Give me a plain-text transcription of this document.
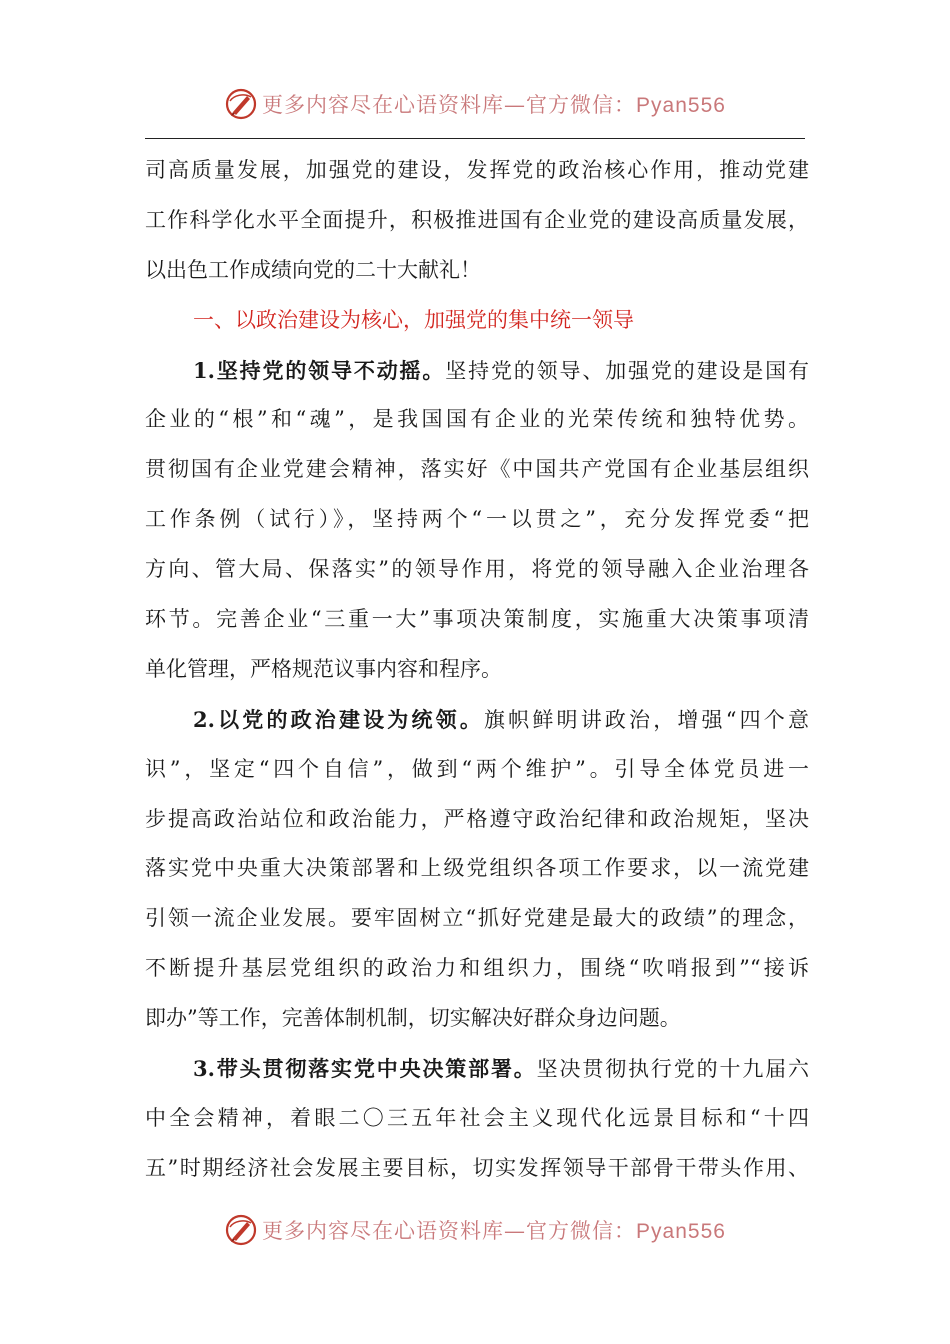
更多内容尽在心语资料库—官方微信：Pyan556
司高质量发展，加强党的建设，发挥党的政治核心作用，推动党建
工作科学化水平全面提升，积极推进国有企业党的建设高质量发展，
以出色工作成绩向党的二十大献礼！
一、以政治建设为核心，加强党的集中统一领导
1.坚持党的领导不动摇。坚持党的领导、加强党的建设是国有
企业的“根”和“魂”，是我国国有企业的光荣传统和独特优势。
贯彻国有企业党建会精神，落实好《中国共产党国有企业基层组织
工作条例（试行）》，坚持两个“一以贯之”，充分发挥党委“把
方向、管大局、保落实”的领导作用，将党的领导融入企业治理各
环节。完善企业“三重一大”事项决策制度，实施重大决策事项清
单化管理，严格规范议事内容和程序。
2.以党的政治建设为统领。旗帜鲜明讲政治，增强“四个意
识”，坚定“四个自信”，做到“两个维护”。引导全体党员进一
步提高政治站位和政治能力，严格遵守政治纪律和政治规矩，坚决
落实党中央重大决策部署和上级党组织各项工作要求，以一流党建
引领一流企业发展。要牢固树立“抓好党建是最大的政绩”的理念，
不断提升基层党组织的政治力和组织力，围绕“吹哨报到”“接诉
即办”等工作，完善体制机制，切实解决好群众身边问题。
3.带头贯彻落实党中央决策部署。坚决贯彻执行党的十九届六
中全会精神，着眼二〇三五年社会主义现代化远景目标和“十四
五”时期经济社会发展主要目标，切实发挥领导干部骨干带头作用、
更多内容尽在心语资料库—官方微信：Pyan556
